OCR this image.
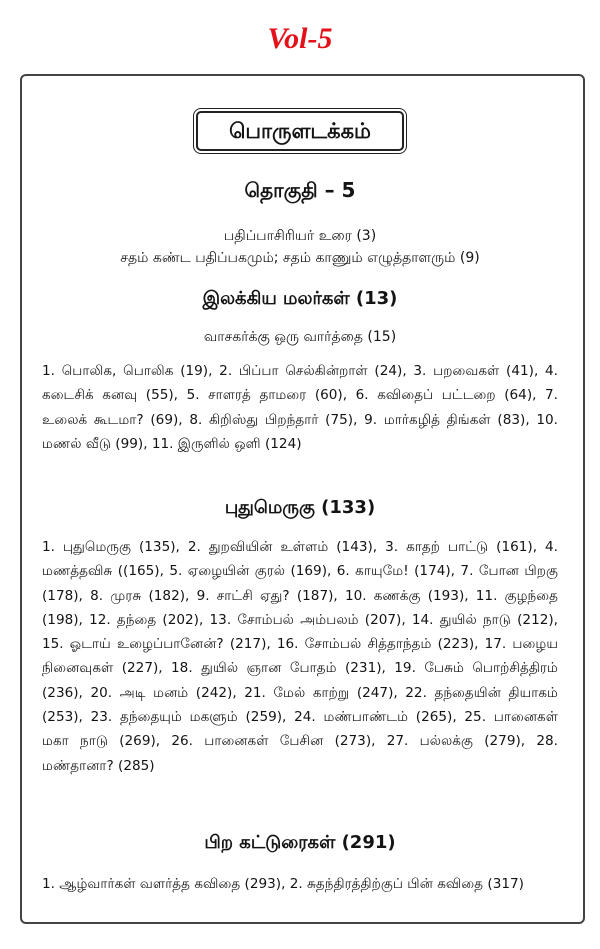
Vol-5
பொருளடக்கம்
தொகுதி – 5
பதிப்பாசிரியர் உரை (3)
சதம் கண்ட பதிப்பகமும்; சதம் காணும் எழுத்தாளரும் (9)
இலக்கிய மலர்கள் (13)
வாசகர்க்கு ஒரு வார்த்தை (15)
1. பொலிக, பொலிக (19), 2. பிப்பா செல்கின்றாள் (24), 3. பறவைகள் (41), 4. கடைசிக் கனவு (55), 5. சாளரத் தாமரை (60), 6. கவிதைப் பட்டறை (64), 7. உலைக் கூடமா? (69), 8. கிறிஸ்து பிறந்தார் (75), 9. மார்கழித் திங்கள் (83), 10. மணல் வீடு (99), 11. இருளில் ஒளி (124)
புதுமெருகு (133)
1. புதுமெருகு (135), 2. துறவியின் உள்ளம் (143), 3. காதற் பாட்டு (161), 4. மணத்தவிசு ((165), 5. ஏழையின் குரல் (169), 6. காயுமே! (174), 7. போன பிறகு (178), 8. முரசு (182), 9. சாட்சி ஏது? (187), 10. கணக்கு (193), 11. குழந்தை (198), 12. தந்தை (202), 13. சோம்பல் அம்பலம் (207), 14. துயில் நாடு (212), 15. ஓடாய் உழைப்பானேன்? (217), 16. சோம்பல் சித்தாந்தம் (223), 17. பழைய நினைவுகள் (227), 18. துயில் ஞான போதம் (231), 19. பேசும் பொற்சித்திரம் (236), 20. அடி மனம் (242), 21. மேல் காற்று (247), 22. தந்தையின் தியாகம் (253), 23. தந்தையும் மகளும் (259), 24. மண்பாண்டம் (265), 25. பானைகள் மகா நாடு (269), 26. பானைகள் பேசின (273), 27. பல்லக்கு (279), 28. மண்தானா? (285)
பிற கட்டுரைகள் (291)
1. ஆழ்வார்கள் வளர்த்த கவிதை (293), 2. சுதந்திரத்திற்குப் பின் கவிதை (317)
